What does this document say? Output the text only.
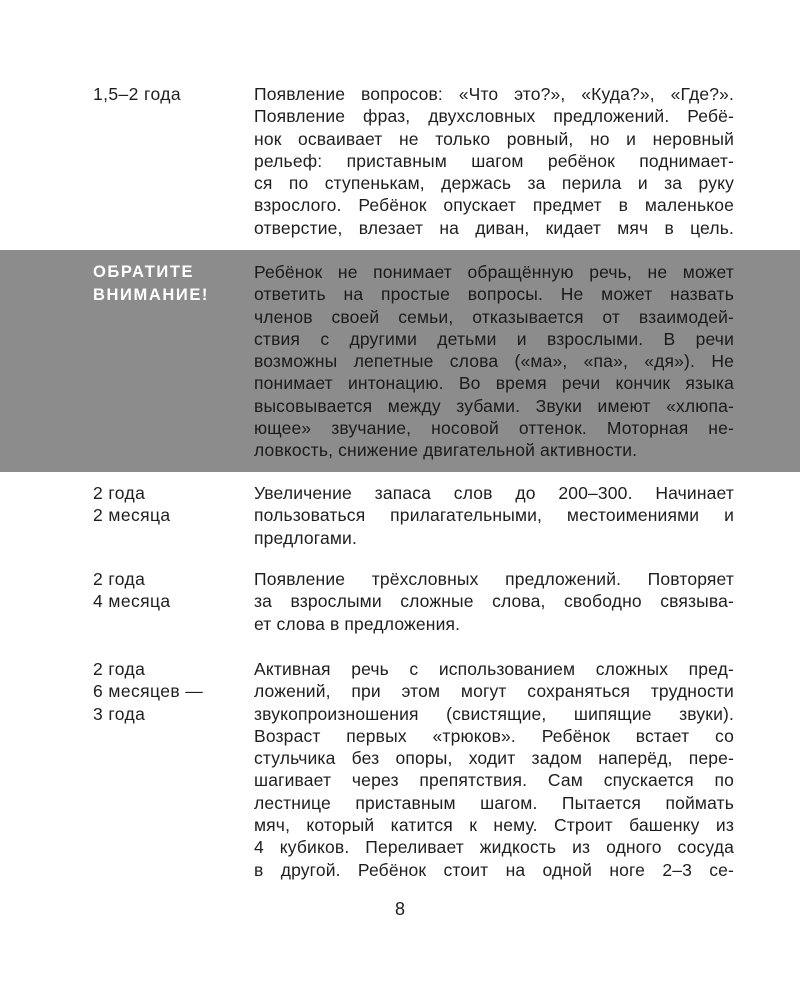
1,5–2 года	Появление вопросов: «Что это?», «Куда?», «Где?».
Появление фраз, двухсловных предложений. Ребё-
нок осваивает не только ровный, но и неровный
рельеф: приставным шагом ребёнок поднимает-
ся по ступенькам, держась за перила и за руку
взрослого. Ребёнок опускает предмет в маленькое
отверстие, влезает на диван, кидает мяч в цель.
ОБРАТИТЕ
ВНИМАНИЕ!
Ребёнок не понимает обращённую речь, не может
ответить на простые вопросы. Не может назвать
членов своей семьи, отказывается от взаимодей-
ствия с другими детьми и взрослыми. В речи
возможны лепетные слова («ма», «па», «дя»). Не
понимает интонацию. Во время речи кончик языка
высовывается между зубами. Звуки имеют «хлюпа-
ющее» звучание, носовой оттенок. Моторная не-
ловкость, снижение двигательной активности.
2 года
2 месяца
Увеличение запаса слов до 200–300. Начинает
пользоваться прилагательными, местоимениями и
предлогами.
2 года
4 месяца
Появление трёхсловных предложений. Повторяет
за взрослыми сложные слова, свободно связыва-
ет слова в предложения.
2 года
6 месяцев —
3 года
Активная речь с использованием сложных пред-
ложений, при этом могут сохраняться трудности
звукопроизношения (свистящие, шипящие звуки).
Возраст первых «трюков». Ребёнок встает со
стульчика без опоры, ходит задом наперёд, пере-
шагивает через препятствия. Сам спускается по
лестнице приставным шагом. Пытается поймать
мяч, который катится к нему. Строит башенку из
4 кубиков. Переливает жидкость из одного сосуда
в другой. Ребёнок стоит на одной ноге 2–3 се-
8
